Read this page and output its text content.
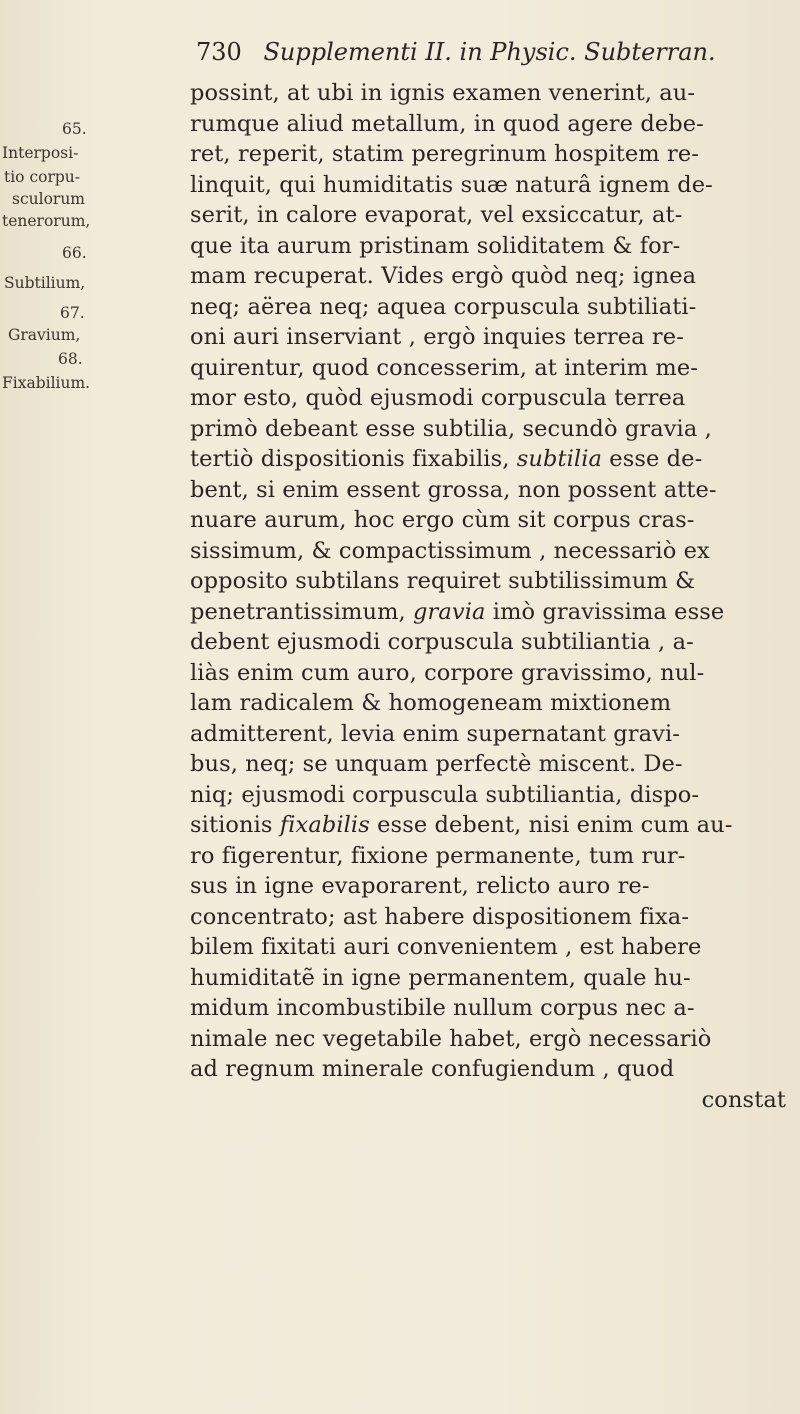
730 Supplementi II. in Physic. Subterran.
65.
Interposi-
tio corpu-
sculorum
tenerorum,
66.
Subtilium,
67.
Gravium,
68.
Fixabilium.
possint, at ubi in ignis examen venerint, au-
rumque aliud metallum, in quod agere debe-
ret, reperit, statim peregrinum hospitem re-
linquit, qui humiditatis suæ naturâ ignem de-
serit, in calore evaporat, vel exsiccatur, at-
que ita aurum pristinam soliditatem & for-
mam recuperat. Vides ergò quòd neq; ignea
neq; aërea neq; aquea corpuscula subtiliati-
oni auri inserviant , ergò inquies terrea re-
quirentur, quod concesserim, at interim me-
mor esto, quòd ejusmodi corpuscula terrea
primò debeant esse subtilia, secundò gravia ,
tertiò dispositionis fixabilis, subtilia esse de-
bent, si enim essent grossa, non possent atte-
nuare aurum, hoc ergo cùm sit corpus cras-
sissimum, & compactissimum , necessariò ex
opposito subtilans requiret subtilissimum &
penetrantissimum, gravia imò gravissima esse
debent ejusmodi corpuscula subtiliantia , a-
liàs enim cum auro, corpore gravissimo, nul-
lam radicalem & homogeneam mixtionem
admitterent, levia enim supernatant gravi-
bus, neq; se unquam perfectè miscent. De-
niq; ejusmodi corpuscula subtiliantia, dispo-
sitionis fixabilis esse debent, nisi enim cum au-
ro figerentur, fixione permanente, tum rur-
sus in igne evaporarent, relicto auro re-
concentrato; ast habere dispositionem fixa-
bilem fixitati auri convenientem , est habere
humiditatẽ in igne permanentem, quale hu-
midum incombustibile nullum corpus nec a-
nimale nec vegetabile habet, ergò necessariò
ad regnum minerale confugiendum , quod
constat
